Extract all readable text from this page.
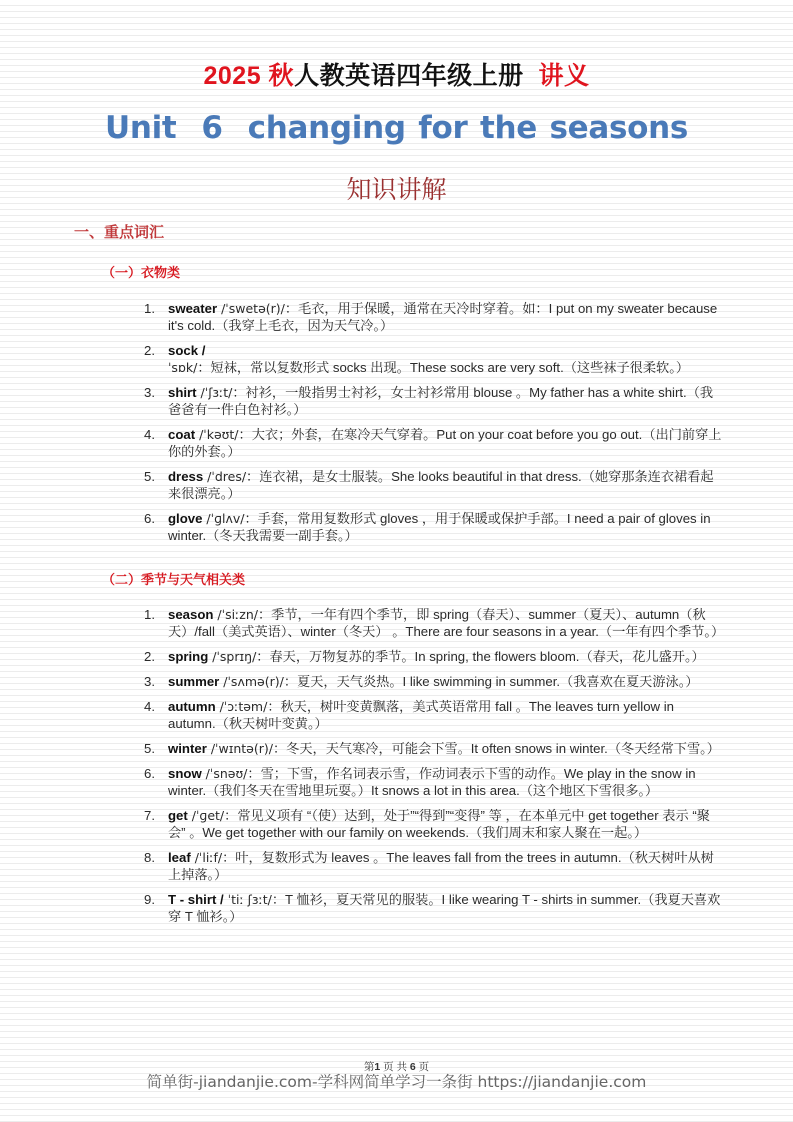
2025 秋人教英语四年级上册 讲义
Unit  6  changing for the seasons
知识讲解
一、重点词汇
（一）衣物类
1. sweater /ˈswetə(r)/：毛衣，用于保暖，通常在天冷时穿着。如：I put on my sweater because it's cold.（我穿上毛衣，因为天气冷。）
2. sock / ˈsɒk/：短袜，常以复数形式 socks 出现。These socks are very soft.（这些袜子很柔软。）
3. shirt /ˈʃɜːt/：衬衫，一般指男士衬衫，女士衬衫常用 blouse 。My father has a white shirt.（我爸爸有一件白色衬衫。）
4. coat /ˈkəʊt/：大衣；外套，在寒冷天气穿着。Put on your coat before you go out.（出门前穿上你的外套。）
5. dress /ˈdres/：连衣裙，是女士服装。She looks beautiful in that dress.（她穿那条连衣裙看起来很漂亮。）
6. glove /ˈɡlʌv/：手套，常用复数形式 gloves ，用于保暖或保护手部。I need a pair of gloves in winter.（冬天我需要一副手套。）
（二）季节与天气相关类
1. season /ˈsiːzn/：季节，一年有四个季节，即 spring（春天）、summer（夏天）、autumn（秋天）/fall（美式英语）、winter（冬天） 。There are four seasons in a year.（一年有四个季节。）
2. spring /ˈsprɪŋ/：春天，万物复苏的季节。In spring, the flowers bloom.（春天，花儿盛开。）
3. summer /ˈsʌmə(r)/：夏天，天气炎热。I like swimming in summer.（我喜欢在夏天游泳。）
4. autumn /ˈɔːtəm/：秋天，树叶变黄飘落，美式英语常用 fall 。The leaves turn yellow in autumn.（秋天树叶变黄。）
5. winter /ˈwɪntə(r)/：冬天，天气寒冷，可能会下雪。It often snows in winter.（冬天经常下雪。）
6. snow /ˈsnəʊ/：雪；下雪，作名词表示雪，作动词表示下雪的动作。We play in the snow in winter.（我们冬天在雪地里玩耍。）It snows a lot in this area.（这个地区下雪很多。）
7. get /ˈɡet/：常见义项有 “（使）达到，处于”“得到”“变得” 等 ，在本单元中 get together 表示 “聚会” 。We get together with our family on weekends.（我们周末和家人聚在一起。）
8. leaf /ˈliːf/：叶，复数形式为 leaves 。The leaves fall from the trees in autumn.（秋天树叶从树上掉落。）
9. T - shirt / ˈtiː ʃɜːt/：T 恤衫，夏天常见的服装。I like wearing T - shirts in summer.（我夏天喜欢穿 T 恤衫。）
第1 页 共 6 页
简单街-jiandanjie.com-学科网简单学习一条街 https://jiandanjie.com
